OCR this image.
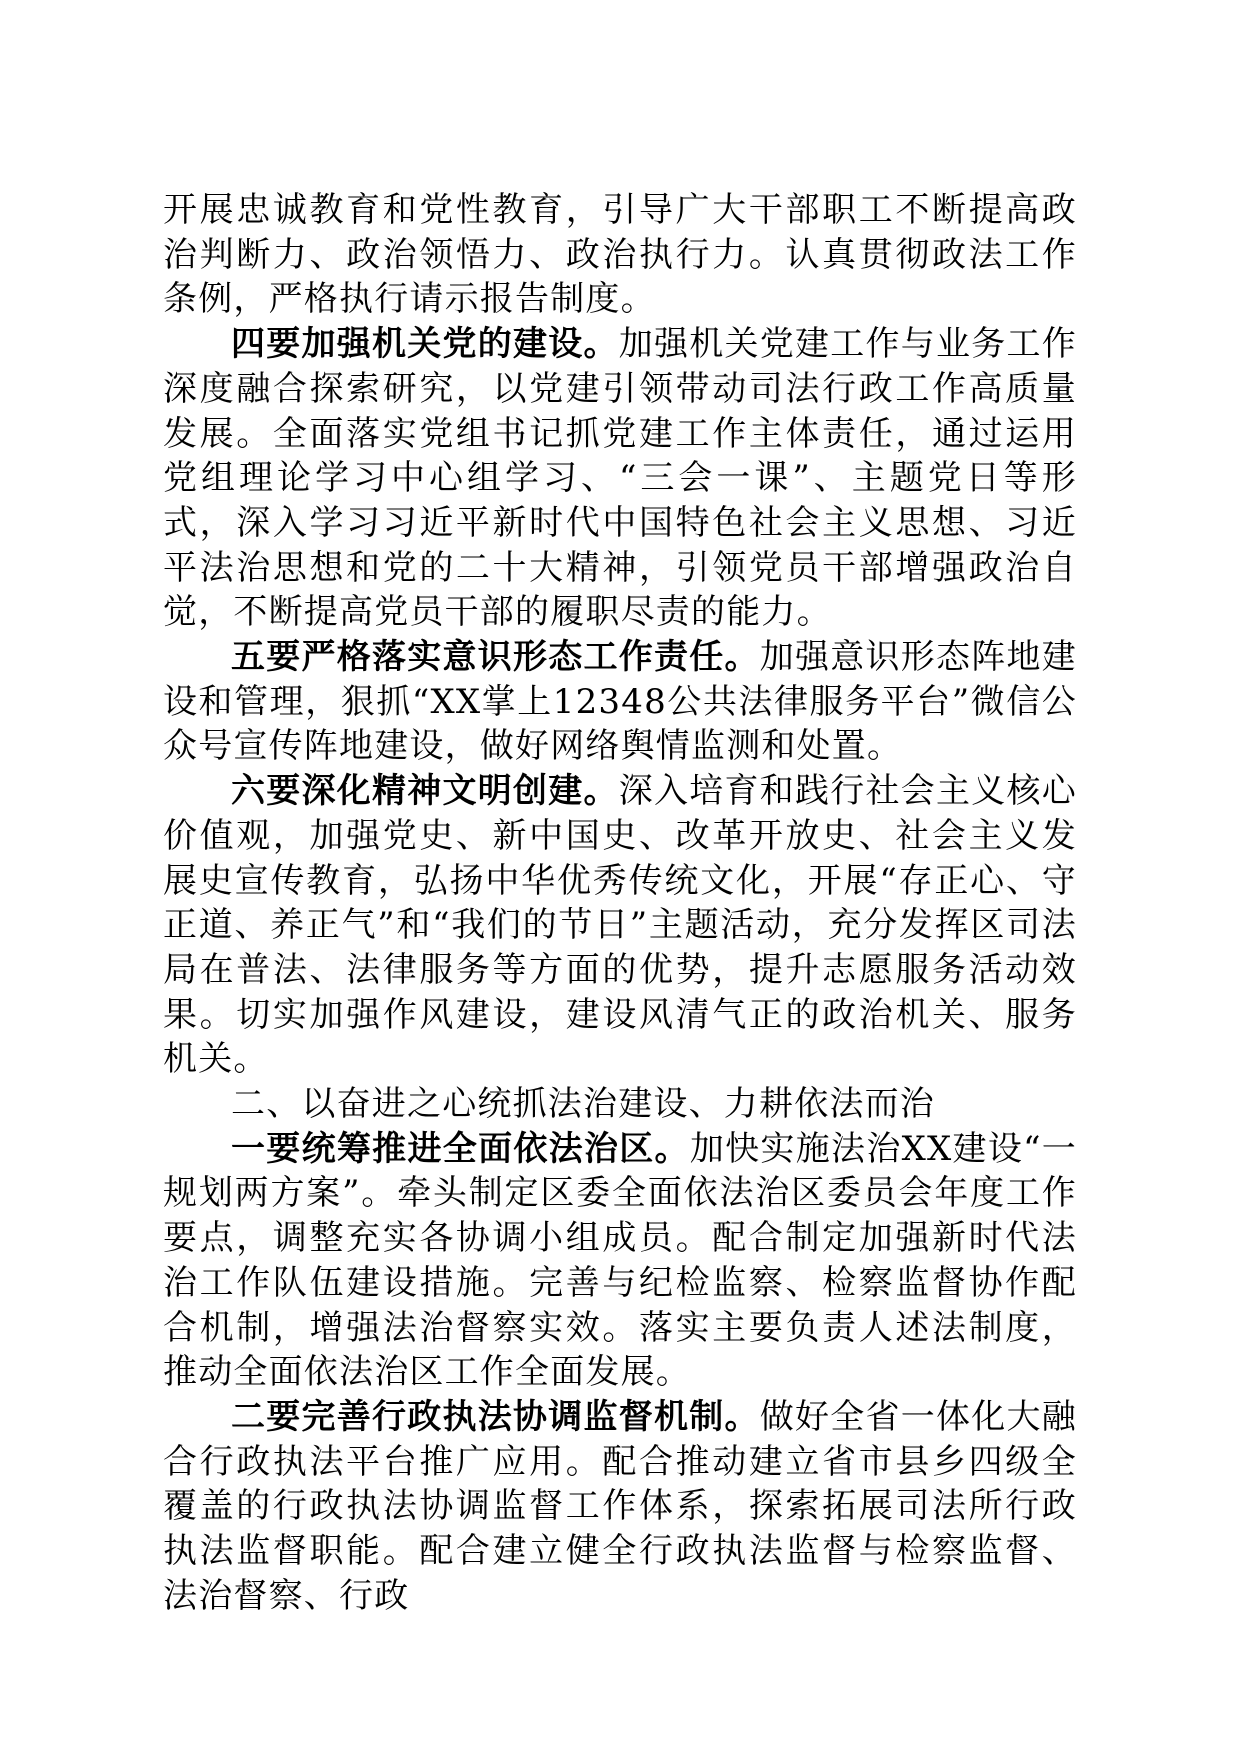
开展忠诚教育和党性教育，引导广大干部职工不断提高政治判断力、政治领悟力、政治执行力。认真贯彻政法工作条例，严格执行请示报告制度。

四要加强机关党的建设。加强机关党建工作与业务工作深度融合探索研究，以党建引领带动司法行政工作高质量发展。全面落实党组书记抓党建工作主体责任，通过运用党组理论学习中心组学习、“三会一课”、主题党日等形式，深入学习习近平新时代中国特色社会主义思想、习近平法治思想和党的二十大精神，引领党员干部增强政治自觉，不断提高党员干部的履职尽责的能力。

五要严格落实意识形态工作责任。加强意识形态阵地建设和管理，狠抓“XX掌上12348公共法律服务平台”微信公众号宣传阵地建设，做好网络舆情监测和处置。

六要深化精神文明创建。深入培育和践行社会主义核心价值观，加强党史、新中国史、改革开放史、社会主义发展史宣传教育，弘扬中华优秀传统文化，开展“存正心、守正道、养正气”和“我们的节日”主题活动，充分发挥区司法局在普法、法律服务等方面的优势，提升志愿服务活动效果。切实加强作风建设，建设风清气正的政治机关、服务机关。

二、以奋进之心统抓法治建设、力耕依法而治

一要统筹推进全面依法治区。加快实施法治XX建设“一规划两方案”。牵头制定区委全面依法治区委员会年度工作要点，调整充实各协调小组成员。配合制定加强新时代法治工作队伍建设措施。完善与纪检监察、检察监督协作配合机制，增强法治督察实效。落实主要负责人述法制度，推动全面依法治区工作全面发展。

二要完善行政执法协调监督机制。做好全省一体化大融合行政执法平台推广应用。配合推动建立省市县乡四级全覆盖的行政执法协调监督工作体系，探索拓展司法所行政执法监督职能。配合建立健全行政执法监督与检察监督、法治督察、行政
